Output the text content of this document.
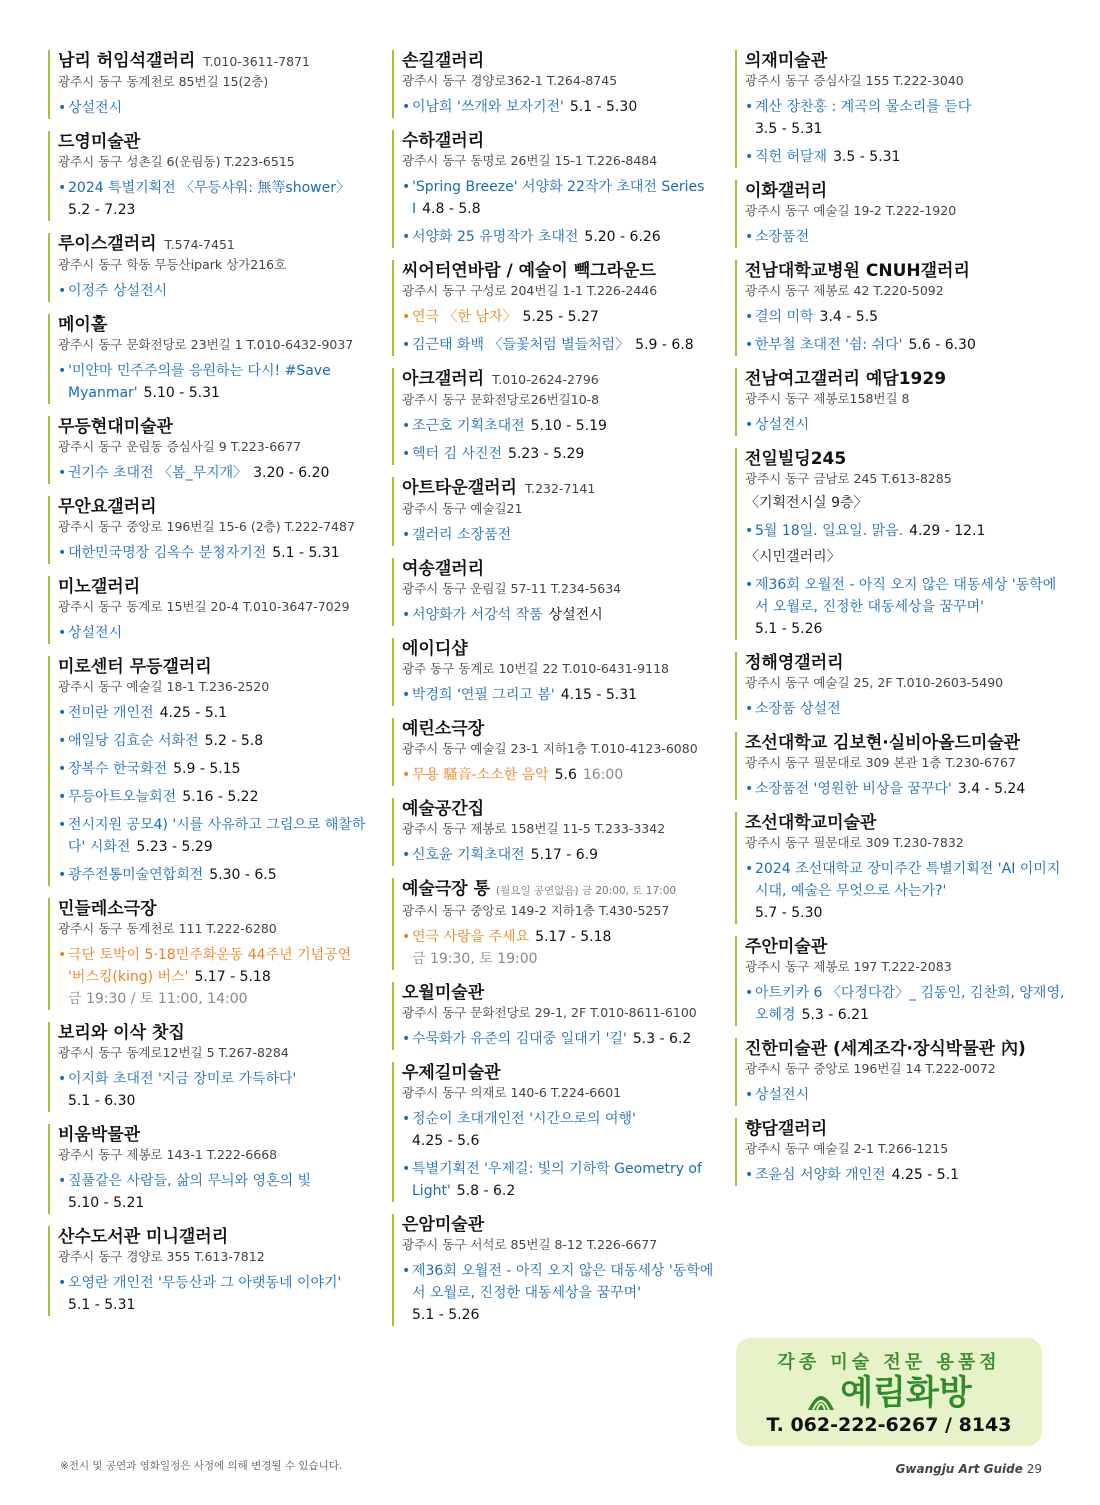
남리 허임석갤러리 T.010-3611-7871
광주시 동구 동계천로 85번길 15(2층)
• 상설전시
드영미술관
광주시 동구 성촌길 6(운림동) T.223-6515
• 2024 특별기획전 〈무등샤워: 無等shower〉
5.2 - 7.23
루이스갤러리 T.574-7451
광주시 동구 학동 무등산ipark 상가216호
• 이정주 상설전시
메이홀
광주시 동구 문화전당로 23번길 1 T.010-6432-9037
• '미얀마 민주주의를 응원하는 다시! #Save Myanmar' 5.10 - 5.31
무등현대미술관
광주시 동구 운림동 증심사길 9 T.223-6677
• 권기수 초대전 〈봄_무지개〉 3.20 - 6.20
무안요갤러리
광주시 동구 중앙로 196번길 15-6 (2층) T.222-7487
• 대한민국명장 김옥수 분청자기전 5.1 - 5.31
미노갤러리
광주시 동구 동계로 15번길 20-4 T.010-3647-7029
• 상설전시
미로센터 무등갤러리
광주시 동구 예술길 18-1 T.236-2520
• 전미란 개인전 4.25 - 5.1
• 애일당 김효순 서화전 5.2 - 5.8
• 장복수 한국화전 5.9 - 5.15
• 무등아트오늘회전 5.16 - 5.22
• 전시지원 공모4) '시를 사유하고 그림으로 해찰하다' 시화전 5.23 - 5.29
• 광주전통미술연합회전 5.30 - 6.5
민들레소극장
광주시 동구 동계천로 111 T.222-6280
• 극단 토박이 5·18민주화운동 44주년 기념공연 '버스킹(king) 버스' 5.17 - 5.18
금 19:30 / 토 11:00, 14:00
보리와 이삭 찻집
광주시 동구 동계로12번길 5 T.267-8284
• 이지화 초대전 '지금 장미로 가득하다'
5.1 - 6.30
비움박물관
광주시 동구 제봉로 143-1 T.222-6668
• 짚풀같은 사람들, 삶의 무늬와 영혼의 빛
5.10 - 5.21
산수도서관 미니갤러리
광주시 동구 경양로 355 T.613-7812
• 오영란 개인전 '무등산과 그 아랫동네 이야기'
5.1 - 5.31
손길갤러리
광주시 동구 경양로362-1 T.264-8745
• 이남희 '쓰개와 보자기전' 5.1 - 5.30
수하갤러리
광주시 동구 동명로 26번길 15-1 T.226-8484
• 'Spring Breeze' 서양화 22작가 초대전 Series Ⅰ 4.8 - 5.8
• 서양화 25 유명작가 초대전 5.20 - 6.26
씨어터연바람 / 예술이 빽그라운드
광주시 동구 구성로 204번길 1-1 T.226-2446
• 연극 〈한 남자〉 5.25 - 5.27
• 김근태 화백 〈들꽃처럼 별들처럼〉 5.9 - 6.8
아크갤러리 T.010-2624-2796
광주시 동구 문화전당로26번길10-8
• 조근호 기획초대전 5.10 - 5.19
• 헥터 김 사진전 5.23 - 5.29
아트타운갤러리 T.232-7141
광주시 동구 예술길21
• 갤러리 소장품전
여송갤러리
광주시 동구 운림길 57-11 T.234-5634
• 서양화가 서강석 작품 상설전시
에이디샵
광주 동구 동계로 10번길 22 T.010-6431-9118
• 박경희 '연필 그리고 봄' 4.15 - 5.31
예린소극장
광주시 동구 예술길 23-1 지하1층 T.010-4123-6080
• 무용 騷音-소소한 음악 5.6 16:00
예술공간집
광주시 동구 제봉로 158번길 11-5 T.233-3342
• 신호윤 기획초대전 5.17 - 6.9
예술극장 통 (월요일 공연없음) 금 20:00, 토 17:00
광주시 동구 중앙로 149-2 지하1층 T.430-5257
• 연극 사랑을 주세요 5.17 - 5.18
금 19:30, 토 19:00
오월미술관
광주시 동구 문화전당로 29-1, 2F T.010-8611-6100
• 수묵화가 유준의 김대중 일대기 '길' 5.3 - 6.2
우제길미술관
광주시 동구 의재로 140-6 T.224-6601
• 정순이 초대개인전 '시간으로의 여행'
4.25 - 5.6
• 특별기획전 '우제길: 빛의 기하학 Geometry of Light' 5.8 - 6.2
은암미술관
광주시 동구 서석로 85번길 8-12 T.226-6677
• 제36회 오월전 - 아직 오지 않은 대동세상 '동학에서 오월로, 진정한 대동세상을 꿈꾸며'
5.1 - 5.26
의재미술관
광주시 동구 증심사길 155 T.222-3040
• 계산 장찬홍 : 계곡의 물소리를 듣다
3.5 - 5.31
• 직헌 허달재 3.5 - 5.31
이화갤러리
광주시 동구 예술길 19-2 T.222-1920
• 소장품전
전남대학교병원 CNUH갤러리
광주시 동구 제봉로 42 T.220-5092
• 결의 미학 3.4 - 5.5
• 한부철 초대전 '쉼: 쉬다' 5.6 - 6.30
전남여고갤러리 예담1929
광주시 동구 제봉로158번길 8
• 상설전시
전일빌딩245
광주시 동구 금남로 245 T.613-8285
〈기획전시실 9층〉
• 5월 18일. 일요일. 맑음. 4.29 - 12.1
〈시민갤러리〉
• 제36회 오월전 - 아직 오지 않은 대동세상 '동학에서 오월로, 진정한 대동세상을 꿈꾸며'
5.1 - 5.26
정해영갤러리
광주시 동구 예술길 25, 2F T.010-2603-5490
• 소장품 상설전
조선대학교 김보현·실비아올드미술관
광주시 동구 필문대로 309 본관 1층 T.230-6767
• 소장품전 '영원한 비상을 꿈꾸다' 3.4 - 5.24
조선대학교미술관
광주시 동구 필문대로 309 T.230-7832
• 2024 조선대학교 장미주간 특별기획전 'AI 이미지 시대, 예술은 무엇으로 사는가?'
5.7 - 5.30
주안미술관
광주시 동구 제봉로 197 T.222-2083
• 아트키카 6 〈다정다감〉_ 김동인, 김찬희, 양재영, 오혜경 5.3 - 6.21
진한미술관 (세계조각·장식박물관 內)
광주시 동구 중앙로 196번길 14 T.222-0072
• 상설전시
향담갤러리
광주시 동구 예술길 2-1 T.266-1215
• 조윤심 서양화 개인전 4.25 - 5.1
각종 미술 전문 용품점
예림화방
T. 062-222-6267 / 8143
※전시 및 공연과 영화일정은 사정에 의해 변경될 수 있습니다.	Gwangju Art Guide 29
